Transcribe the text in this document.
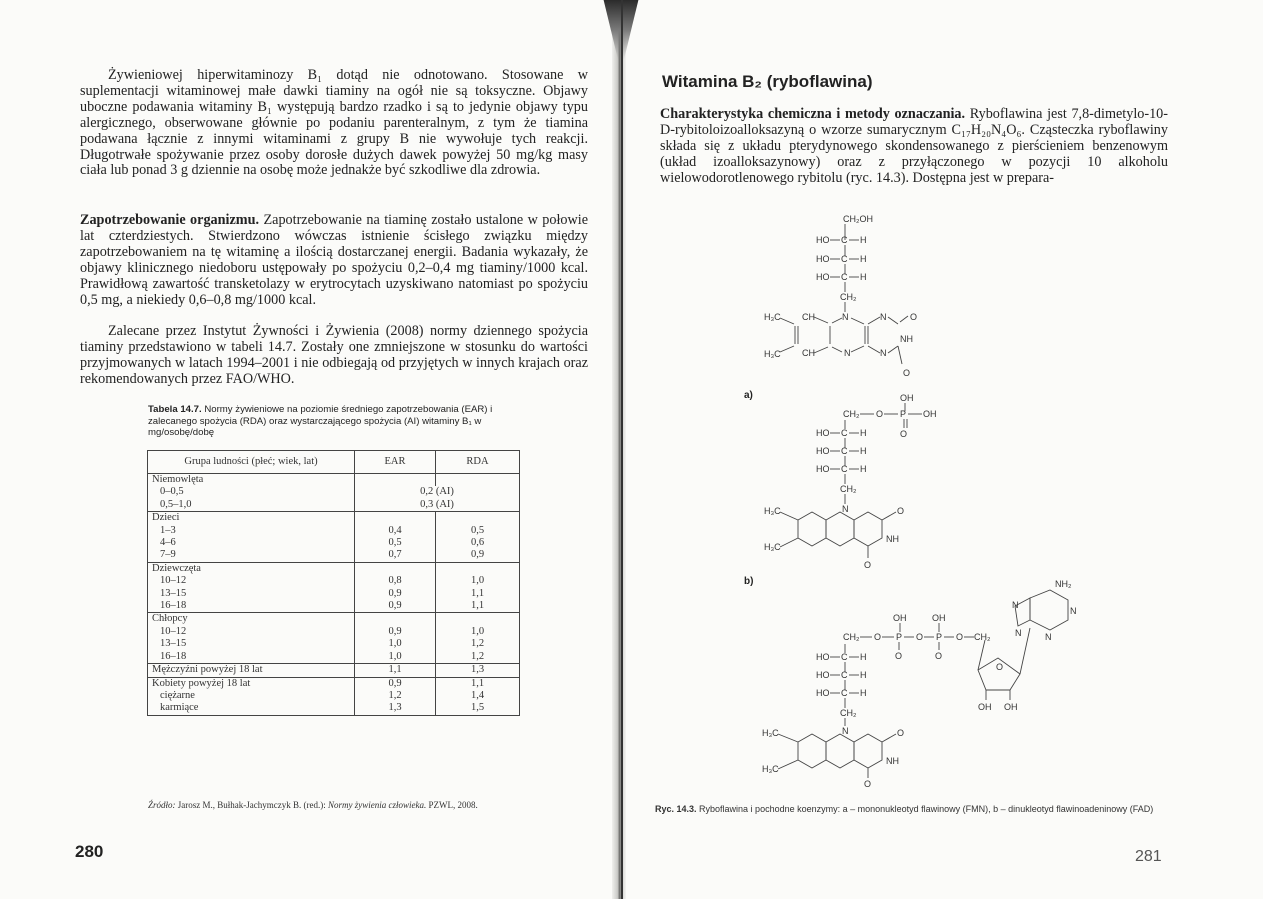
Żywieniowej hiperwitaminozy B₁ dotąd nie odnotowano. Stosowane w suplementacji witaminowej małe dawki tiaminy na ogół nie są toksyczne. Objawy uboczne podawania witaminy B₁ występują bardzo rzadko i są to jedynie objawy typu alergicznego, obserwowane głównie po podaniu parenteralnym, z tym że tiamina podawana łącznie z innymi witaminami z grupy B nie wywołuje tych reakcji. Długotrwałe spożywanie przez osoby dorosłe dużych dawek powyżej 50 mg/kg masy ciała lub ponad 3 g dziennie na osobę może jednakże być szkodliwe dla zdrowia.

Zapotrzebowanie organizmu. Zapotrzebowanie na tiaminę zostało ustalone w połowie lat czterdziestych. Stwierdzono wówczas istnienie ścisłego związku między zapotrzebowaniem na tę witaminę a ilością dostarczanej energii. Badania wykazały, że objawy klinicznego niedoboru ustępowały po spożyciu 0,2–0,4 mg tiaminy/1000 kcal. Prawidłową zawartość transketolazy w erytrocytach uzyskiwano natomiast po spożyciu 0,5 mg, a niekiedy 0,6–0,8 mg/1000 kcal.

Zalecane przez Instytut Żywności i Żywienia (2008) normy dziennego spożycia tiaminy przedstawiono w tabeli 14.7. Zostały one zmniejszone w stosunku do wartości przyjmowanych w latach 1994–2001 i nie odbiegają od przyjętych w innych krajach oraz rekomendowanych przez FAO/WHO.

Tabela 14.7. Normy żywieniowe na poziomie średniego zapotrzebowania (EAR) i zalecanego spożycia (RDA) oraz wystarczającego spożycia (AI) witaminy B₁ w mg/osobę/dobę

Grupa ludności (płeć; wiek, lat)	EAR	RDA
Niemowlęta		

0–0,5	0,2 (AI)	

0,5–1,0	0,3 (AI)	
Dzieci		

1–3	0,4	0,5

4–6	0,5	0,6

7–9	0,7	0,9
Dziewczęta		

10–12	0,8	1,0

13–15	0,9	1,1

16–18	0,9	1,1
Chłopcy		

10–12	0,9	1,0

13–15	1,0	1,2

16–18	1,0	1,2
Mężczyźni powyżej 18 lat	1,1	1,3
Kobiety powyżej 18 lat	0,9	1,1

ciężarne	1,2	1,4

karmiące	1,3	1,5

Źródło: Jarosz M., Bułhak-Jachymczyk B. (red.): Normy żywienia człowieka. PZWL, 2008.

280
Witamina B₂ (ryboflawina)

Charakterystyka chemiczna i metody oznaczania. Ryboflawina jest 7,8-dimetylo-10-D-rybitoloizoalloksazyną o wzorze sumarycznym C₁₇H₂₀N₄O₆. Cząsteczka ryboflawiny składa się z układu pterydynowego skondensowanego z pierścieniem benzenowym (układ izoalloksazynowy) oraz z przyłączonego w pozycji 10 alkoholu wielowodorotlenowego rybitolu (ryc. 14.3). Dostępna jest w prepara-

CH₂OH
HO C H
HO C H
HO C H
CH₂
N
H₃C
H₃C
CH
CH
N
N
N
O
NH
O
a)	OH
CH₂ O P OH
O
HO C H
HO C H
HO C H
CH₂
N
H₃C
H₃C
O
NH
O
b)	NH₂
N
N
N
N
OH	OH
CH₂ O P O P O CH₂
O	O
O
OH OH
HO C H
HO C H
HO C H
CH₂
N
H₃C
H₃C
O
NH
O

Ryc. 14.3. Ryboflawina i pochodne koenzymy: a – mononukleotyd flawinowy (FMN), b – dinukleotyd flawinoadeninowy (FAD)

281
